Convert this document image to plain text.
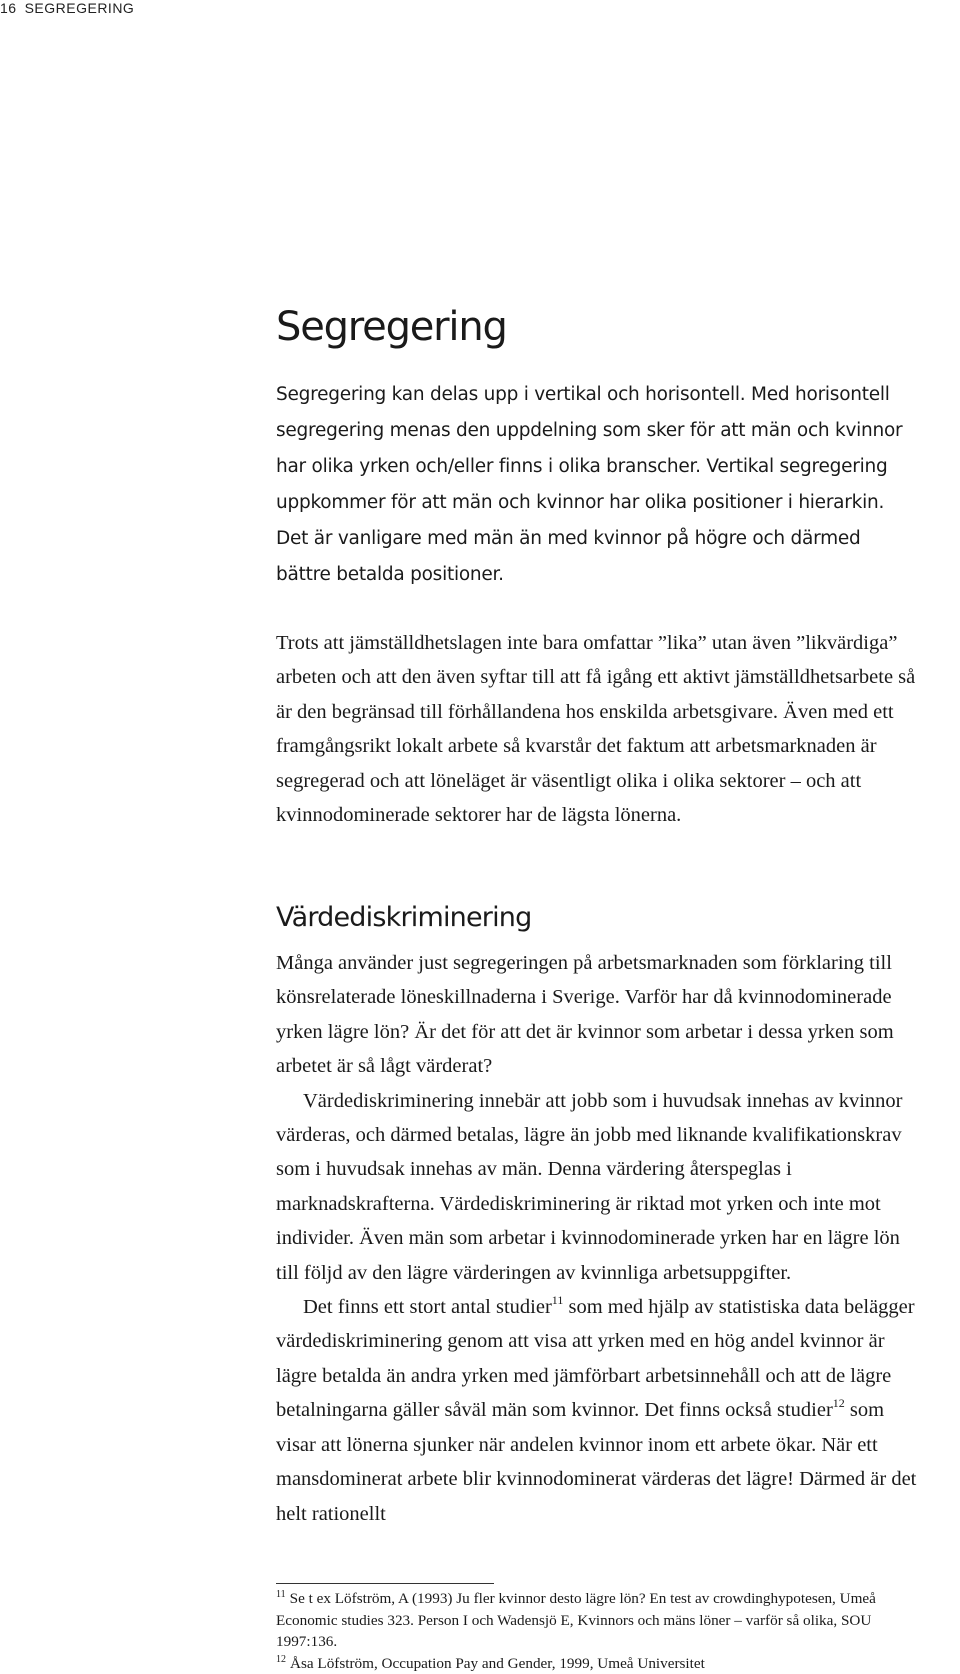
16 SEGREGERING
Segregering

Segregering kan delas upp i vertikal och horisontell. Med horisontell segregering menas den uppdelning som sker för att män och kvinnor har olika yrken och/eller finns i olika branscher. Vertikal segregering uppkommer för att män och kvinnor har olika positioner i hierarkin. Det är vanligare med män än med kvinnor på högre och därmed bättre betalda positioner.

Trots att jämställdhetslagen inte bara omfattar ”lika” utan även ”likvärdiga” arbeten och att den även syftar till att få igång ett aktivt jämställdhetsarbete så är den begränsad till förhållandena hos enskilda arbetsgivare. Även med ett framgångsrikt lokalt arbete så kvarstår det faktum att arbetsmarknaden är segregerad och att löneläget är väsentligt olika i olika sektorer – och att kvinnodominerade sektorer har de lägsta lönerna.

Värdediskriminering

Många använder just segregeringen på arbetsmarknaden som förklaring till könsrelaterade löneskillnaderna i Sverige. Varför har då kvinnodominerade yrken lägre lön? Är det för att det är kvinnor som arbetar i dessa yrken som arbetet är så lågt värderat?

Värdediskriminering innebär att jobb som i huvudsak innehas av kvinnor värderas, och därmed betalas, lägre än jobb med liknande kvalifikationskrav som i huvudsak innehas av män. Denna värdering återspeglas i marknadskrafterna. Värdediskriminering är riktad mot yrken och inte mot individer. Även män som arbetar i kvinnodominerade yrken har en lägre lön till följd av den lägre värderingen av kvinnliga arbetsuppgifter.

Det finns ett stort antal studier$^{11}$ som med hjälp av statistiska data belägger värdediskriminering genom att visa att yrken med en hög andel kvinnor är lägre betalda än andra yrken med jämförbart arbetsinnehåll och att de lägre betalningarna gäller såväl män som kvinnor. Det finns också studier$^{12}$ som visar att lönerna sjunker när andelen kvinnor inom ett arbete ökar. När ett mansdominerat arbete blir kvinnodominerat värderas det lägre! Därmed är det helt rationellt

$^{11}$ Se t ex Löfström, A (1993) Ju fler kvinnor desto lägre lön? En test av crowdinghypotesen, Umeå Economic studies 323. Person I och Wadensjö E, Kvinnors och mäns löner – varför så olika, SOU 1997:136.

$^{12}$ Åsa Löfström, Occupation Pay and Gender, 1999, Umeå Universitet
